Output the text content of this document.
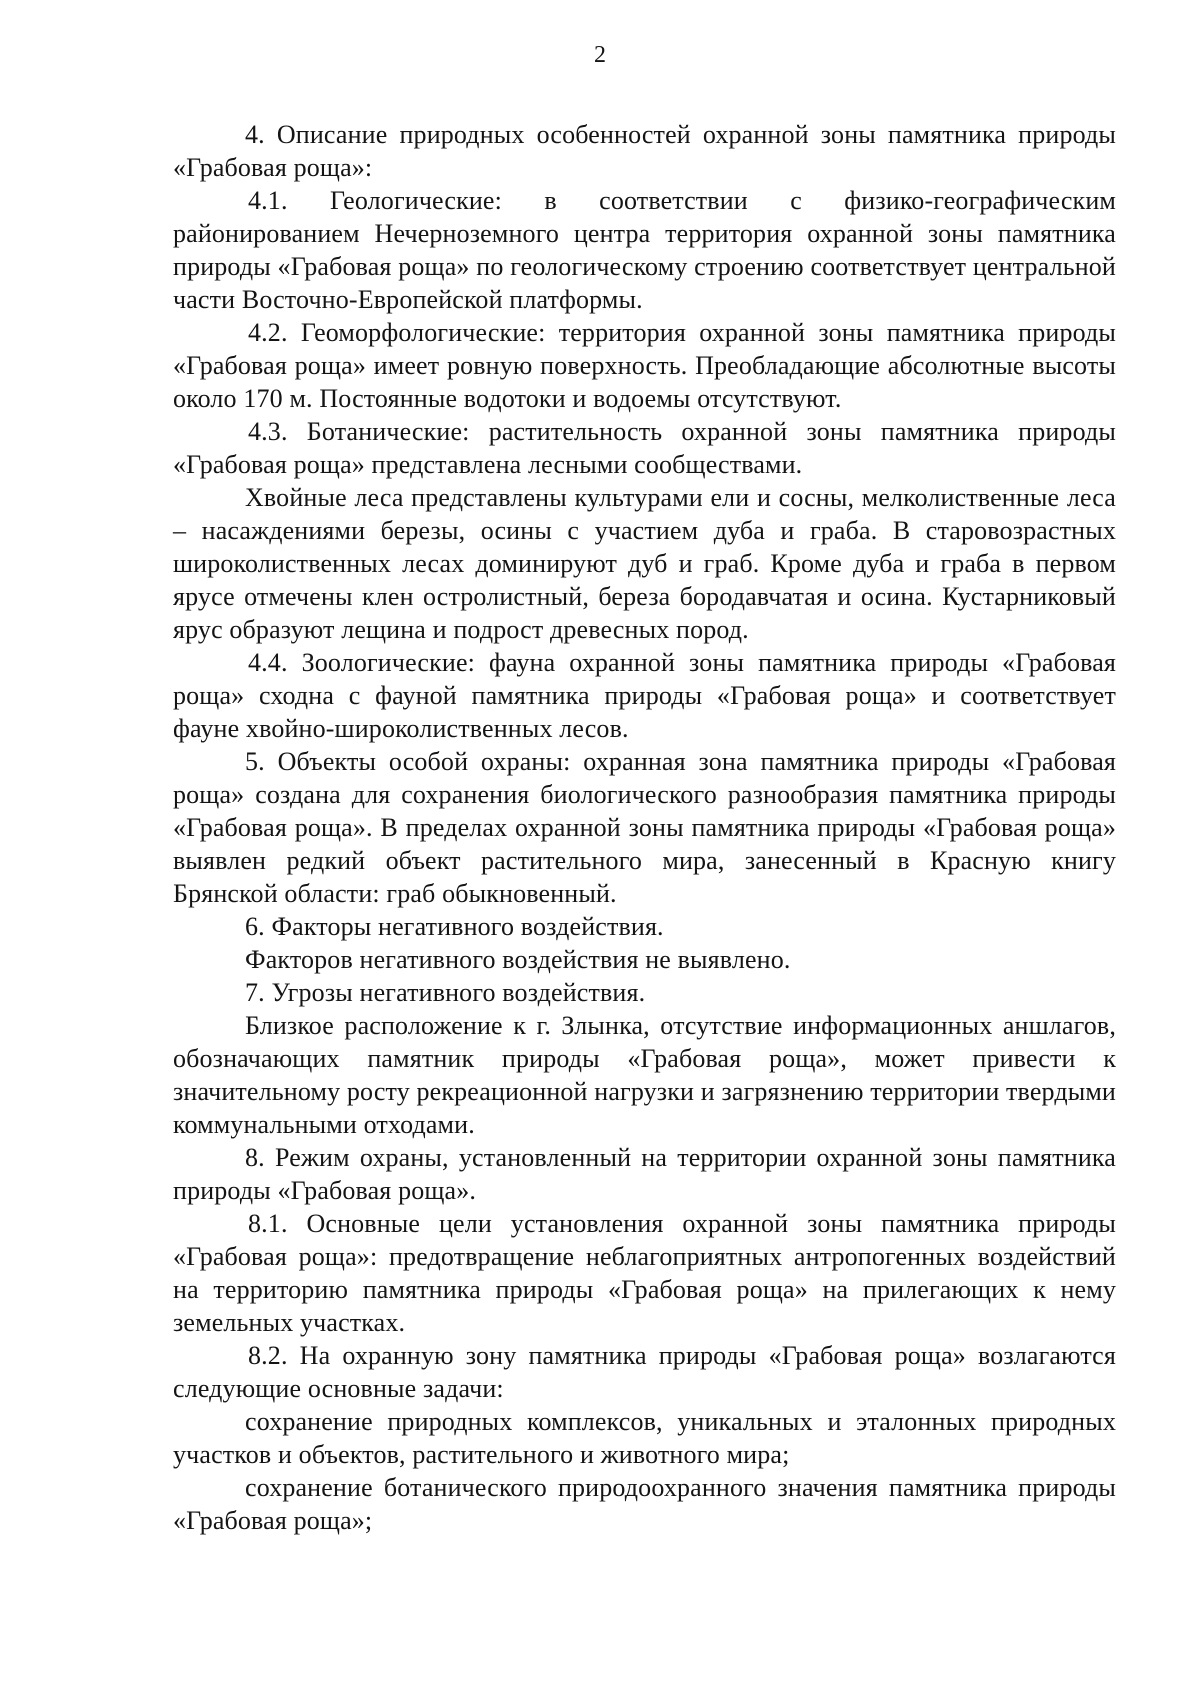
2

4. Описание природных особенностей охранной зоны памятника природы «Грабовая роща»:

4.1. Геологические: в соответствии с физико-географическим районированием Нечерноземного центра территория охранной зоны памятника природы «Грабовая роща» по геологическому строению соответствует центральной части Восточно-Европейской платформы.

4.2. Геоморфологические: территория охранной зоны памятника природы «Грабовая роща» имеет ровную поверхность. Преобладающие абсолютные высоты около 170 м. Постоянные водотоки и водоемы отсутствуют.

4.3. Ботанические: растительность охранной зоны памятника природы «Грабовая роща» представлена лесными сообществами.

Хвойные леса представлены культурами ели и сосны, мелколиственные леса – насаждениями березы, осины с участием дуба и граба. В старовозрастных широколиственных лесах доминируют дуб и граб. Кроме дуба и граба в первом ярусе отмечены клен остролистный, береза бородавчатая и осина. Кустарниковый ярус образуют лещина и подрост древесных пород.

4.4. Зоологические: фауна охранной зоны памятника природы «Грабовая роща» сходна с фауной памятника природы «Грабовая роща» и соответствует фауне хвойно-широколиственных лесов.

5. Объекты особой охраны: охранная зона памятника природы «Грабовая роща» создана для сохранения биологического разнообразия памятника природы «Грабовая роща». В пределах охранной зоны памятника природы «Грабовая роща» выявлен редкий объект растительного мира, занесенный в Красную книгу Брянской области: граб обыкновенный.

6. Факторы негативного воздействия.

Факторов негативного воздействия не выявлено.

7. Угрозы негативного воздействия.

Близкое расположение к г. Злынка, отсутствие информационных аншлагов, обозначающих памятник природы «Грабовая роща», может привести к значительному росту рекреационной нагрузки и загрязнению территории твердыми коммунальными отходами.

8. Режим охраны, установленный на территории охранной зоны памятника природы «Грабовая роща».

8.1. Основные цели установления охранной зоны памятника природы «Грабовая роща»: предотвращение неблагоприятных антропогенных воздействий на территорию памятника природы «Грабовая роща» на прилегающих к нему земельных участках.

8.2. На охранную зону памятника природы «Грабовая роща» возлагаются следующие основные задачи:

сохранение природных комплексов, уникальных и эталонных природных участков и объектов, растительного и животного мира;

сохранение ботанического природоохранного значения памятника природы «Грабовая роща»;
